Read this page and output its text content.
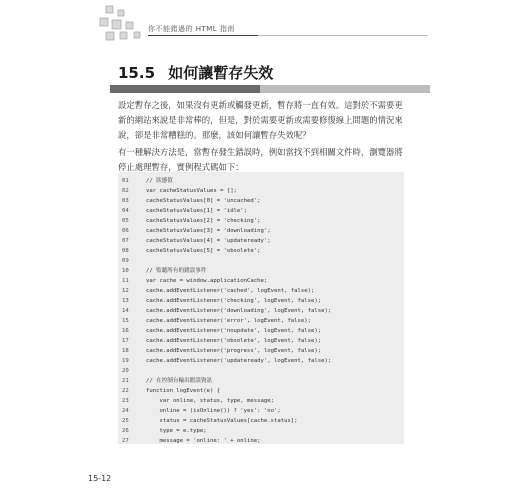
你不能錯過的 HTML 指南
15.5 如何讓暫存失效
設定暫存之後，如果沒有更新或觸發更新，暫存將一直有效。這對於不需要更新的網站來說是非常棒的，但是，對於需要更新或需要修復線上問題的情況來說，卻是非常糟糕的。那麼，該如何讓暫存失效呢？
有一種解決方法是，當暫存發生錯誤時，例如當找不到相關文件時，瀏覽器將停止處理暫存，實例程式碼如下：
01	// 狀態值
02	var cacheStatusValues = [];
03	cacheStatusValues[0] = 'uncached';
04	cacheStatusValues[1] = 'idle';
05	cacheStatusValues[2] = 'checking';
06	cacheStatusValues[3] = 'downloading';
07	cacheStatusValues[4] = 'updateready';
08	cacheStatusValues[5] = 'obsolete';
09
10	// 監聽所有的錯誤事件
11	var cache = window.applicationCache;
12	cache.addEventListener('cached', logEvent, false);
13	cache.addEventListener('checking', logEvent, false);
14	cache.addEventListener('downloading', logEvent, false);
15	cache.addEventListener('error', logEvent, false);
16	cache.addEventListener('noupdate', logEvent, false);
17	cache.addEventListener('obsolete', logEvent, false);
18	cache.addEventListener('progress', logEvent, false);
19	cache.addEventListener('updateready', logEvent, false);
20
21	// 在控制台輸出錯誤資訊
22	function logEvent(e) {
23	var online, status, type, message;
24	online = (isOnline()) ? 'yes': 'no';
25	status = cacheStatusValues[cache.status];
26	type = e.type;
27	message = 'online: ' + online;
15-12
